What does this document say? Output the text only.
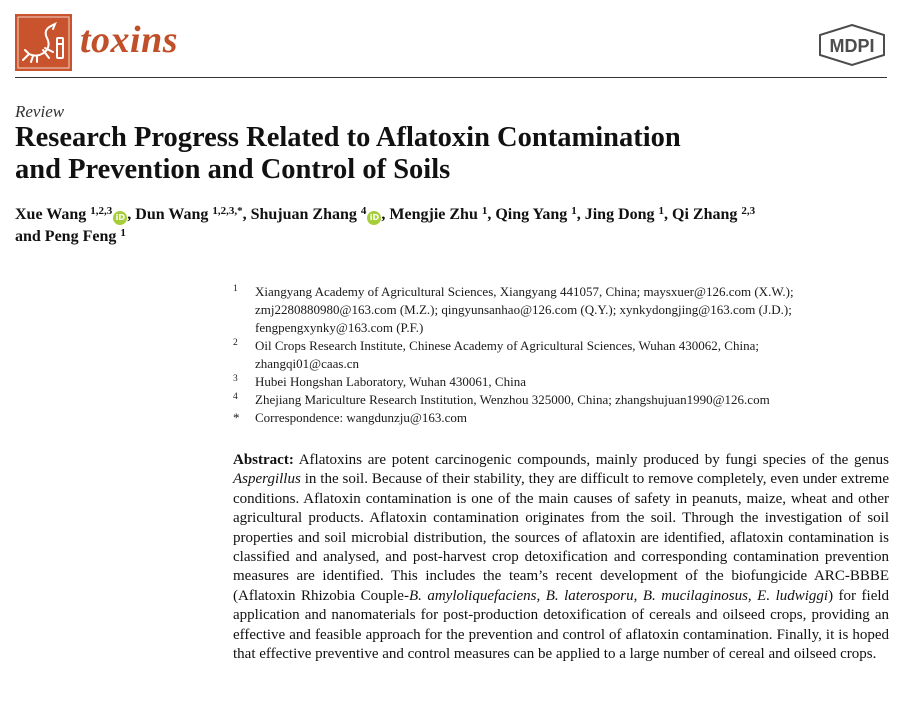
toxins	MDPI
Review
Research Progress Related to Aflatoxin Contamination
and Prevention and Control of Soils
Xue Wang $^{1,2,3}$iD , Dun Wang $^{1,2,3,*}$, Shujuan Zhang $^4$iD , Mengjie Zhu $^1$, Qing Yang $^1$, Jing Dong $^1$, Qi Zhang $^{2,3}$
and Peng Feng $^1$
1 Xiangyang Academy of Agricultural Sciences, Xiangyang 441057, China; maysxuer@126.com (X.W.);
zmj2280880980@163.com (M.Z.); qingyunsanhao@126.com (Q.Y.); xynkydongjing@163.com (J.D.);
fengpengxynky@163.com (P.F.)
2 Oil Crops Research Institute, Chinese Academy of Agricultural Sciences, Wuhan 430062, China;
zhangqi01@caas.cn
3 Hubei Hongshan Laboratory, Wuhan 430061, China
4 Zhejiang Mariculture Research Institution, Wenzhou 325000, China; zhangshujuan1990@126.com
* Correspondence: wangdunzju@163.com
Abstract: Aflatoxins are potent carcinogenic compounds, mainly produced by fungi species of the genus Aspergillus in the soil. Because of their stability, they are difficult to remove completely, even under extreme conditions. Aflatoxin contamination is one of the main causes of safety in peanuts, maize, wheat and other agricultural products. Aflatoxin contamination originates from the soil. Through the investigation of soil properties and soil microbial distribution, the sources of aflatoxin are identified, aflatoxin contamination is classified and analysed, and post-harvest crop detoxification and corresponding contamination prevention measures are identified. This includes the team’s recent development of the biofungicide ARC-BBBE (Aflatoxin Rhizobia Couple-B. amyloliquefaciens, B. laterosporu, B. mucilaginosus, E. ludwiggi) for field application and nanomaterials for post-production detoxification of cereals and oilseed crops, providing an effective and feasible approach for the prevention and control of aflatoxin contamination. Finally, it is hoped that effective preventive and control measures can be applied to a large number of cereal and oilseed crops.
